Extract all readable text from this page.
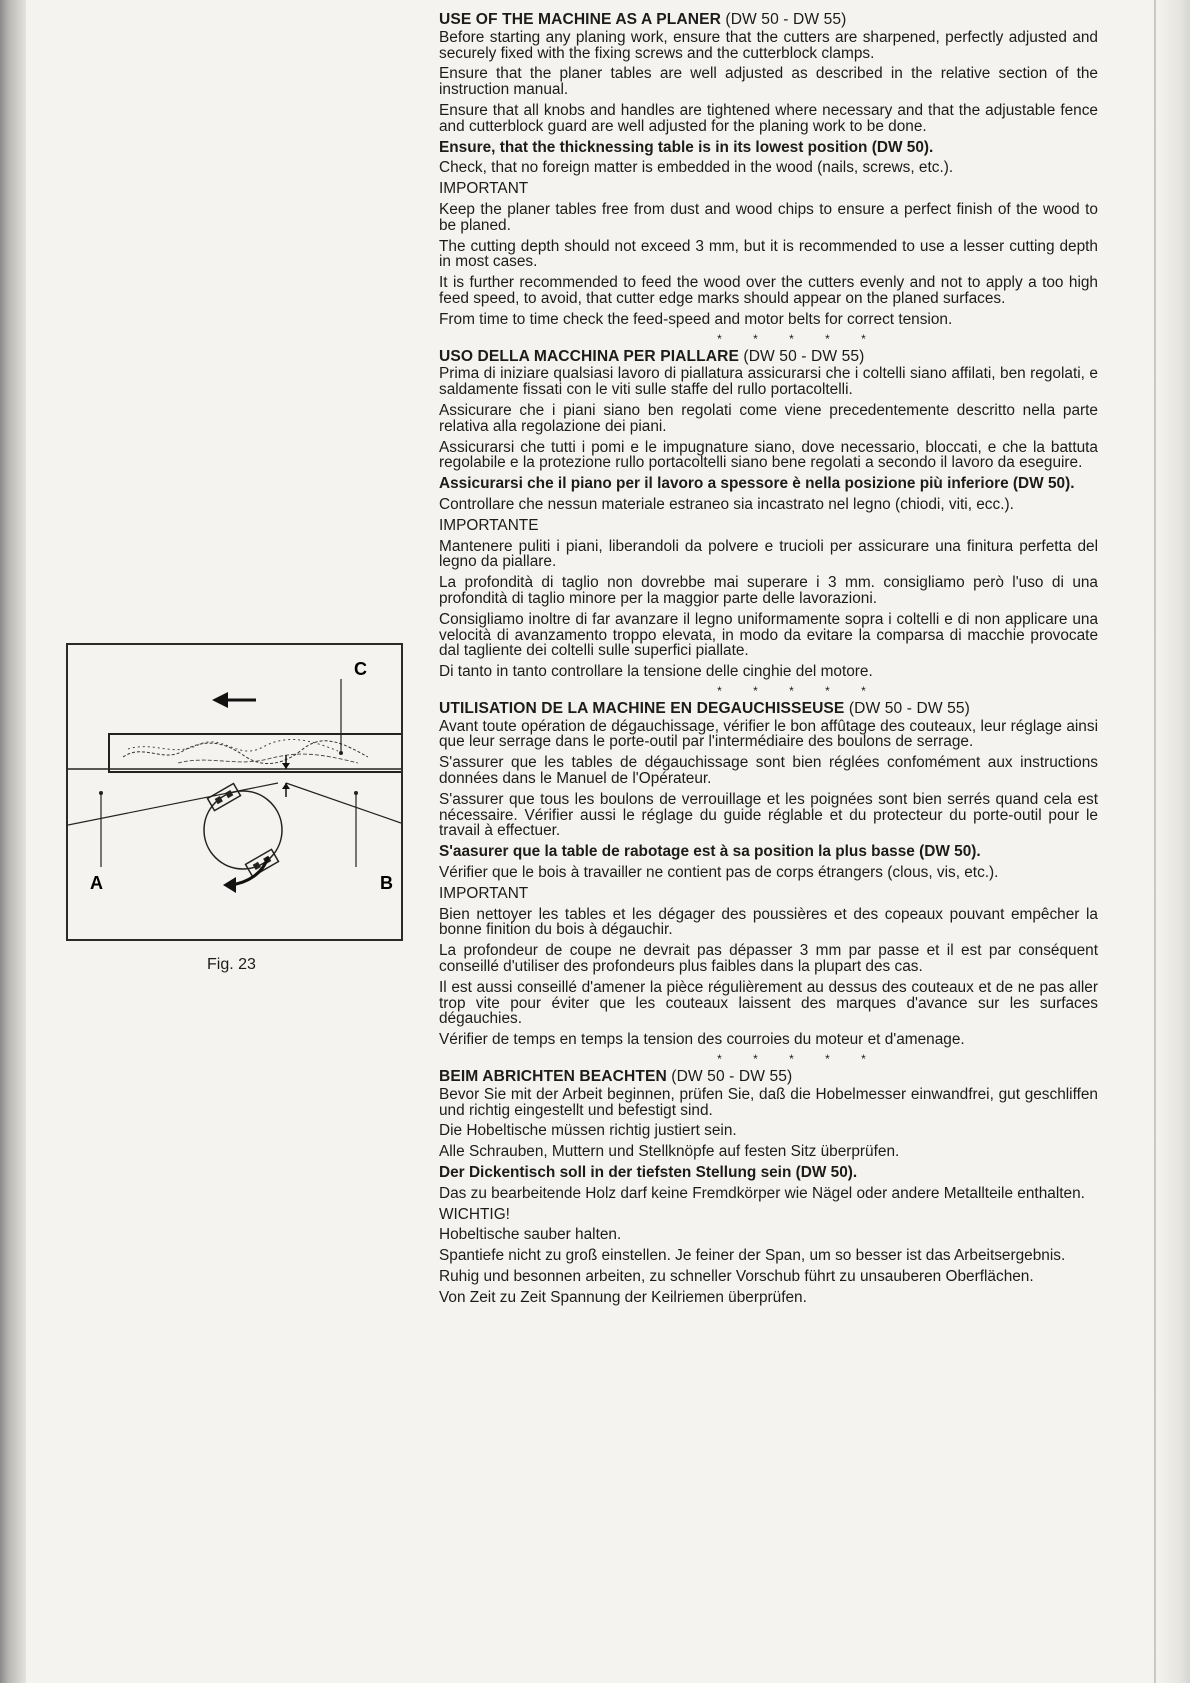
C
A	B
Fig. 23
USE OF THE MACHINE AS A PLANER (DW 50 - DW 55)
Before starting any planing work, ensure that the cutters are sharpened, perfectly adjusted and securely fixed with the fixing screws and the cutterblock clamps.
Ensure that the planer tables are well adjusted as described in the relative section of the instruction manual.
Ensure that all knobs and handles are tightened where necessary and that the adjustable fence and cutterblock guard are well adjusted for the planing work to be done.
Ensure, that the thicknessing table is in its lowest position (DW 50).
Check, that no foreign matter is embedded in the wood (nails, screws, etc.).
IMPORTANT
Keep the planer tables free from dust and wood chips to ensure a perfect finish of the wood to be planed.
The cutting depth should not exceed 3 mm, but it is recommended to use a lesser cutting depth in most cases.
It is further recommended to feed the wood over the cutters evenly and not to apply a too high feed speed, to avoid, that cutter edge marks should appear on the planed surfaces.
From time to time check the feed-speed and motor belts for correct tension.
* * * * *
USO DELLA MACCHINA PER PIALLARE (DW 50 - DW 55)
Prima di iniziare qualsiasi lavoro di piallatura assicurarsi che i coltelli siano affilati, ben regolati, e saldamente fissati con le viti sulle staffe del rullo portacoltelli.
Assicurare che i piani siano ben regolati come viene precedentemente descritto nella parte relativa alla regolazione dei piani.
Assicurarsi che tutti i pomi e le impugnature siano, dove necessario, bloccati, e che la battuta regolabile e la protezione rullo portacoltelli siano bene regolati a secondo il lavoro da eseguire.
Assicurarsi che il piano per il lavoro a spessore è nella posizione più inferiore (DW 50).
Controllare che nessun materiale estraneo sia incastrato nel legno (chiodi, viti, ecc.).
IMPORTANTE
Mantenere puliti i piani, liberandoli da polvere e trucioli per assicurare una finitura perfetta del legno da piallare.
La profondità di taglio non dovrebbe mai superare i 3 mm. consigliamo però l'uso di una profondità di taglio minore per la maggior parte delle lavorazioni.
Consigliamo inoltre di far avanzare il legno uniformamente sopra i coltelli e di non applicare una velocità di avanzamento troppo elevata, in modo da evitare la comparsa di macchie provocate dal tagliente dei coltelli sulle superfici piallate.
Di tanto in tanto controllare la tensione delle cinghie del motore.
* * * * *
UTILISATION DE LA MACHINE EN DEGAUCHISSEUSE (DW 50 - DW 55)
Avant toute opération de dégauchissage, vérifier le bon affûtage des couteaux, leur réglage ainsi que leur serrage dans le porte-outil par l'intermédiaire des boulons de serrage.
S'assurer que les tables de dégauchissage sont bien réglées confomément aux instructions données dans le Manuel de l'Opérateur.
S'assurer que tous les boulons de verrouillage et les poignées sont bien serrés quand cela est nécessaire. Vérifier aussi le réglage du guide réglable et du protecteur du porte-outil pour le travail à effectuer.
S'aasurer que la table de rabotage est à sa position la plus basse (DW 50).
Vérifier que le bois à travailler ne contient pas de corps étrangers (clous, vis, etc.).
IMPORTANT
Bien nettoyer les tables et les dégager des poussières et des copeaux pouvant empêcher la bonne finition du bois à dégauchir.
La profondeur de coupe ne devrait pas dépasser 3 mm par passe et il est par conséquent conseillé d'utiliser des profondeurs plus faibles dans la plupart des cas.
Il est aussi conseillé d'amener la pièce régulièrement au dessus des couteaux et de ne pas aller trop vite pour éviter que les couteaux laissent des marques d'avance sur les surfaces dégauchies.
Vérifier de temps en temps la tension des courroies du moteur et d'amenage.
* * * * *
BEIM ABRICHTEN BEACHTEN (DW 50 - DW 55)
Bevor Sie mit der Arbeit beginnen, prüfen Sie, daß die Hobelmesser einwandfrei, gut geschliffen und richtig eingestellt und befestigt sind.
Die Hobeltische müssen richtig justiert sein.
Alle Schrauben, Muttern und Stellknöpfe auf festen Sitz überprüfen.
Der Dickentisch soll in der tiefsten Stellung sein (DW 50).
Das zu bearbeitende Holz darf keine Fremdkörper wie Nägel oder andere Metallteile enthalten.
WICHTIG!
Hobeltische sauber halten.
Spantiefe nicht zu groß einstellen. Je feiner der Span, um so besser ist das Arbeitsergebnis.
Ruhig und besonnen arbeiten, zu schneller Vorschub führt zu unsauberen Oberflächen.
Von Zeit zu Zeit Spannung der Keilriemen überprüfen.
